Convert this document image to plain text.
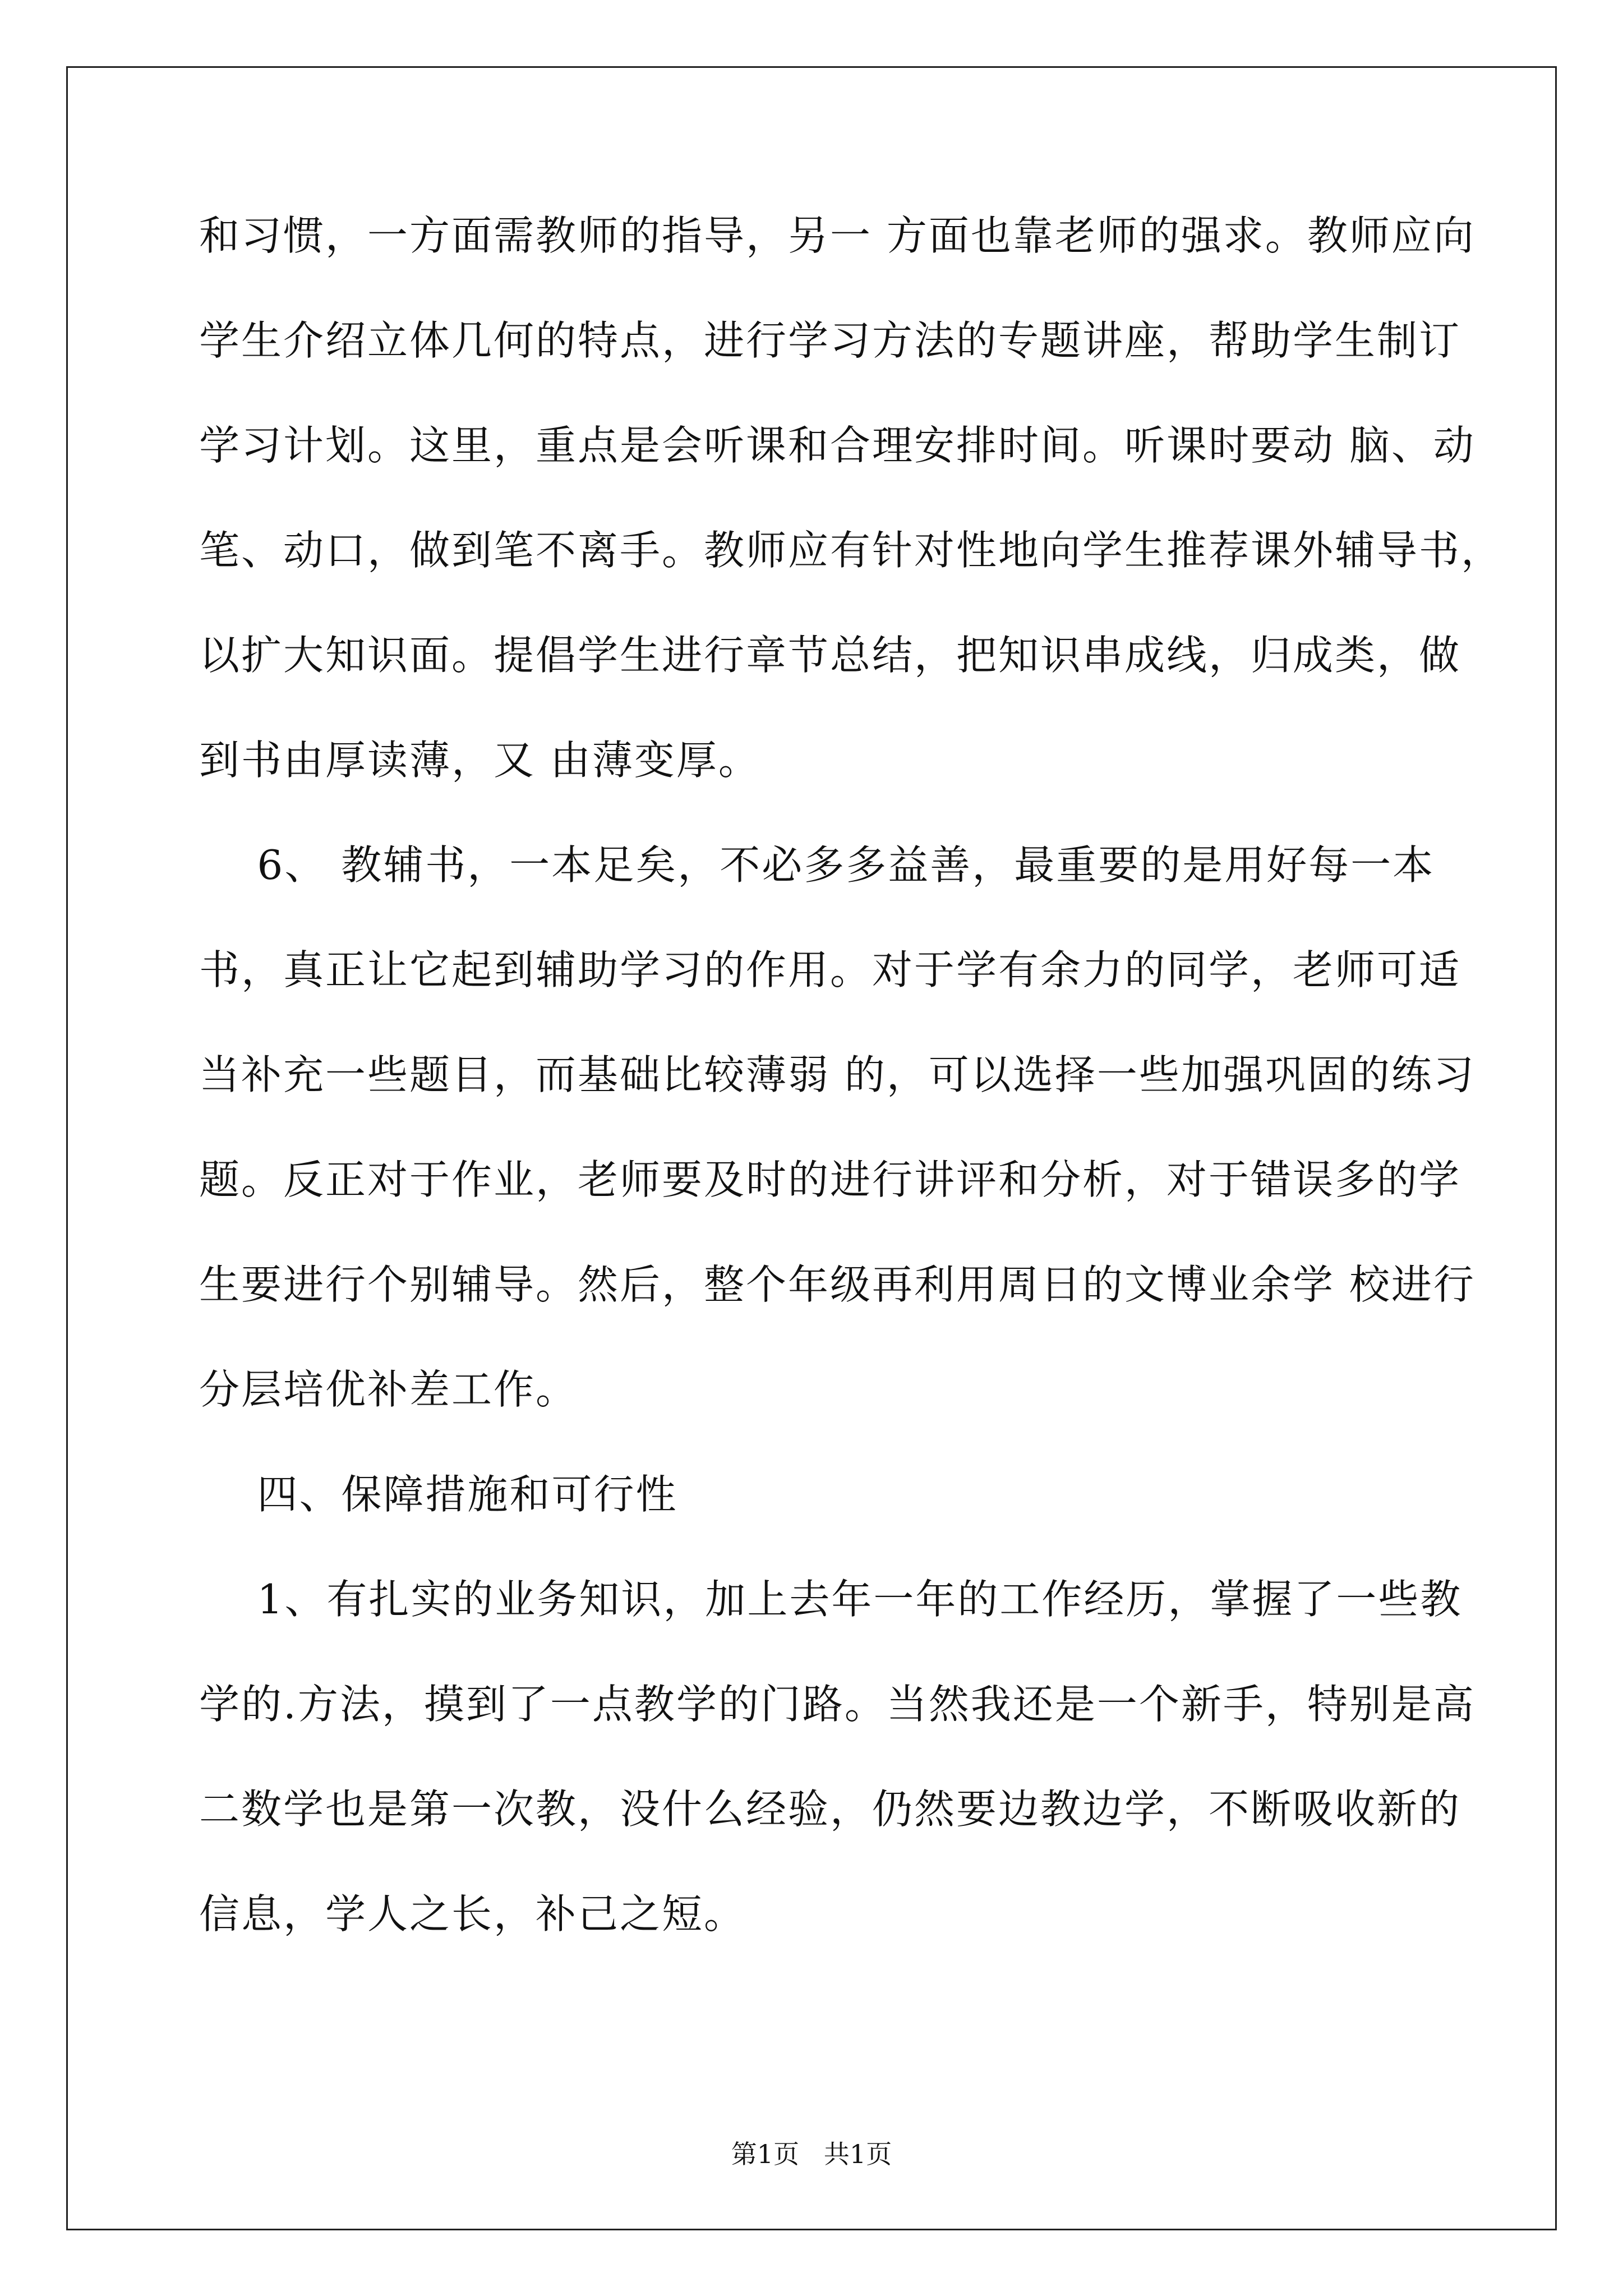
和习惯，一方面需教师的指导，另一 方面也靠老师的强求。教师应向
学生介绍立体几何的特点，进行学习方法的专题讲座，帮助学生制订
学习计划。这里，重点是会听课和合理安排时间。听课时要动 脑、动
笔、动口，做到笔不离手。教师应有针对性地向学生推荐课外辅导书，
以扩大知识面。提倡学生进行章节总结，把知识串成线，归成类，做
到书由厚读薄，又 由薄变厚。
6、 教辅书，一本足矣，不必多多益善，最重要的是用好每一本
书，真正让它起到辅助学习的作用。对于学有余力的同学，老师可适
当补充一些题目，而基础比较薄弱 的，可以选择一些加强巩固的练习
题。反正对于作业，老师要及时的进行讲评和分析，对于错误多的学
生要进行个别辅导。然后，整个年级再利用周日的文博业余学 校进行
分层培优补差工作。
四、保障措施和可行性
1、有扎实的业务知识，加上去年一年的工作经历，掌握了一些教
学的.方法，摸到了一点教学的门路。当然我还是一个新手，特别是高
二数学也是第一次教，没什么经验，仍然要边教边学，不断吸收新的
信息，学人之长，补己之短。
第1页   共1页
